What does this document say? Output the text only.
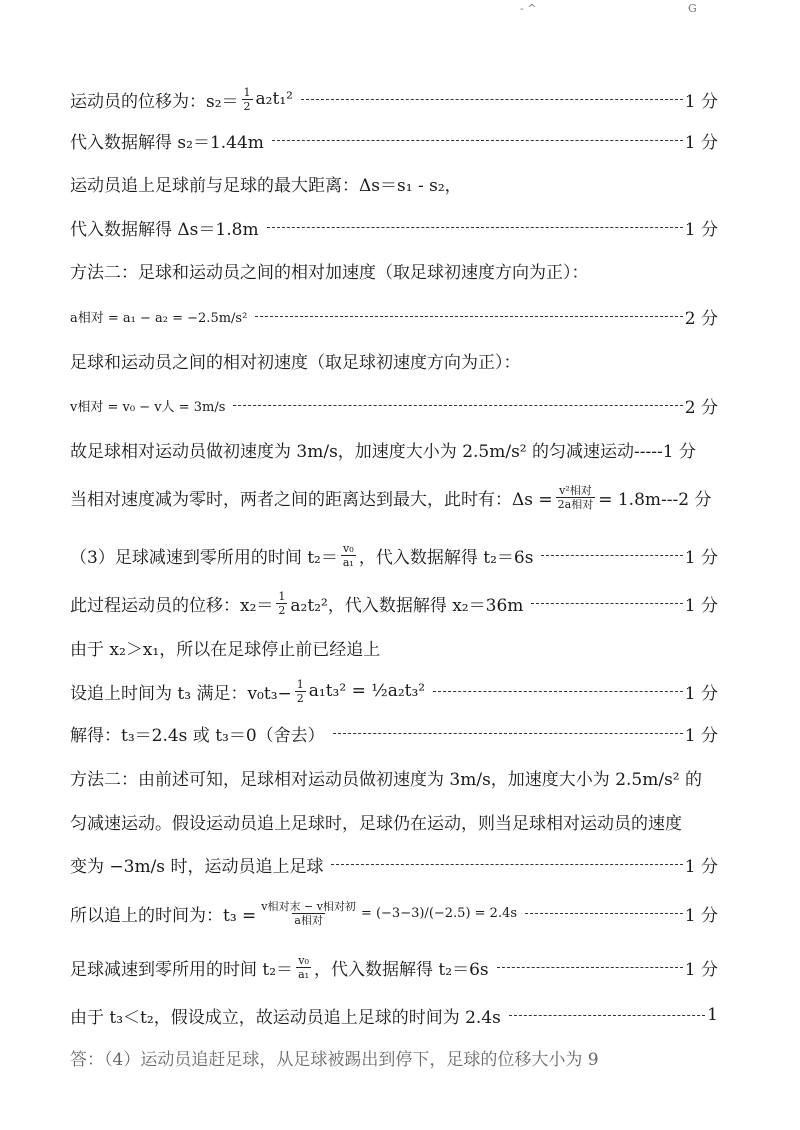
- ^	G
运动员的位移为：$s_2= \frac{1}{2} a_2t_1^2$	1 分
代入数据解得 s₂＝1.44m	1 分
运动员追上足球前与足球的最大距离：Δs＝s₁ - s₂，
代入数据解得 Δs＝1.8m	1 分
方法二：足球和运动员之间的相对加速度（取足球初速度方向为正）：
a相对 = a₁ − a₂ = −2.5m/s²	2 分
足球和运动员之间的相对初速度（取足球初速度方向为正）：
v相对 = v₀ − v人 = 3m/s	2 分
故足球相对运动员做初速度为 3m/s，加速度大小为 2.5m/s² 的匀减速运动-----1 分
当相对速度减为零时，两者之间的距离达到最大，此时有：$\Delta s = \frac{\text{v²相对}}{\text{2a相对}} = 1.8m---2$ 分
（3）足球减速到零所用的时间 $t_2= \frac{\text{v₀}}{\text{a₁}}$ ，代入数据解得 t₂＝6s	1 分
此过程运动员的位移：$x_2= \frac{1}{2} a_2t_2^2$，代入数据解得 x₂＝36m	1 分
由于 x₂＞x₁，所以在足球停止前已经追上
设追上时间为 t₃ 满足：$v_0t_3- \frac{1}{2} a_1t_3^2$ = ½a₂t₃²	1 分
解得：t₃＝2.4s 或 t₃＝0（舍去）	1 分
方法二：由前述可知，足球相对运动员做初速度为 3m/s，加速度大小为 2.5m/s² 的
匀减速运动。假设运动员追上足球时，足球仍在运动，则当足球相对运动员的速度
变为 −3m/s 时，运动员追上足球	1 分
所以追上的时间为：$t_3 = \frac{\text{v相对末 − v相对初}}{\text{a相对}} = (-3-3)/(-2.5) = 2.4s$	1 分
足球减速到零所用的时间 $t_2= \frac{\text{v₀}}{\text{a₁}}$ ，代入数据解得 t₂＝6s	1 分
由于 t₃＜t₂，假设成立，故运动员追上足球的时间为 2.4s	1
答：（4）运动员追赶足球，从足球被踢出到停下，足球的位移大小为 9
